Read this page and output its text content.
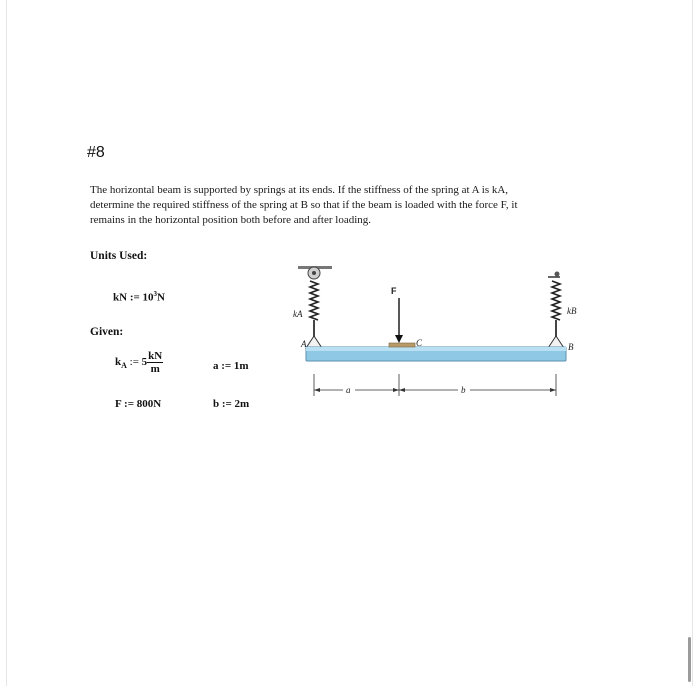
#8

The horizontal beam is supported by springs at its ends. If the stiffness of the spring at A is kA,

determine the required stiffness of the spring at B so that if the beam is loaded with the force F, it

remains in the horizontal position both before and after loading.

Units Used:
kN := $10^3N$
Given:
$k_A$ := $5 \frac{kN}{m}$	a := 1m
F := 800N	b := 2m
kA	kB
F
A	B
C
a	b
